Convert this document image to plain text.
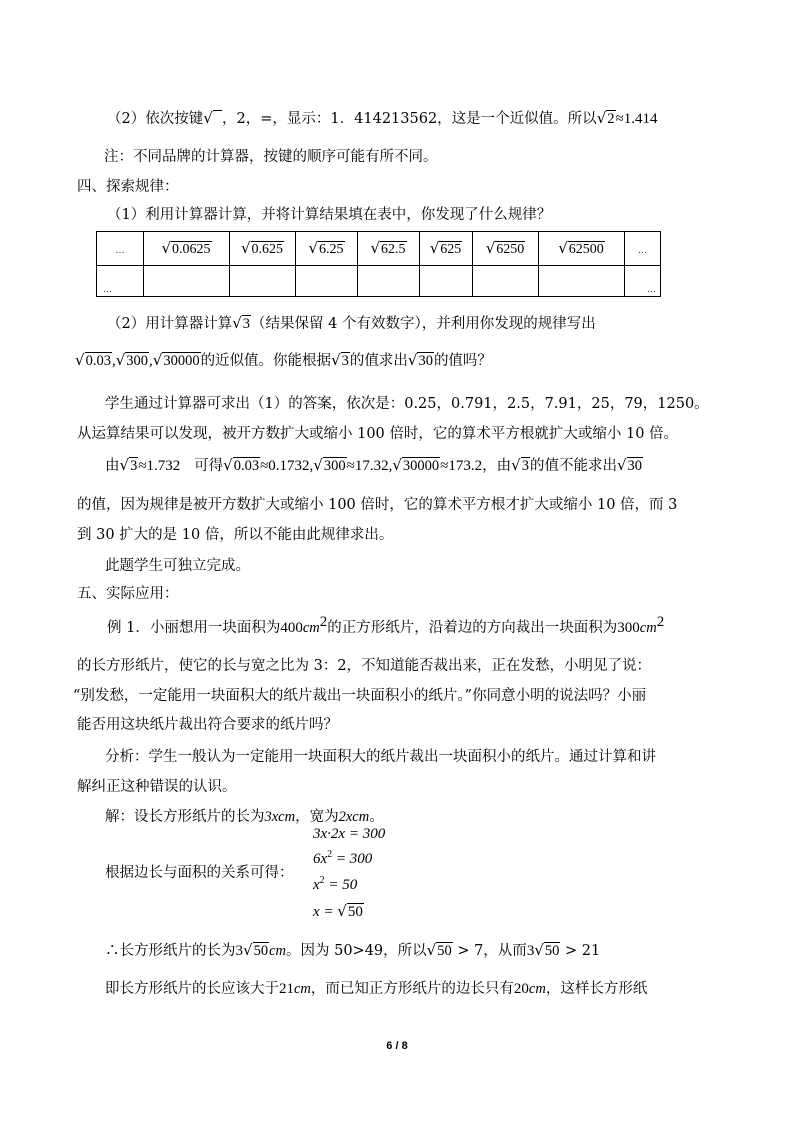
（2）依次按键√ ，2，=，显示：1．414213562，这是一个近似值。所以√2≈1.414
注：不同品牌的计算器，按键的顺序可能有所不同。
四、探索规律：
（1）利用计算器计算，并将计算结果填在表中，你发现了什么规律？
…	√0.0625	√0.625	√6.25	√62.5	√625	√6250	√62500	…
…								…
（2）用计算器计算√3（结果保留 4 个有效数字），并利用你发现的规律写出
√0.03,√300,√30000的近似值。你能根据√3的值求出√30的值吗？
学生通过计算器可求出（1）的答案，依次是：0.25，0.791，2.5，7.91，25，79，1250。
从运算结果可以发现，被开方数扩大或缩小 100 倍时，它的算术平方根就扩大或缩小 10 倍。
由√3≈1.732 可得√0.03≈0.1732,√300≈17.32,√30000≈173.2，由√3的值不能求出√30
的值，因为规律是被开方数扩大或缩小 100 倍时，它的算术平方根才扩大或缩小 10 倍，而 3
到 30 扩大的是 10 倍，所以不能由此规律求出。
此题学生可独立完成。
五、实际应用：
例 1．小丽想用一块面积为$400cm^2$的正方形纸片，沿着边的方向裁出一块面积为$300cm^2$
的长方形纸片，使它的长与宽之比为 3：2，不知道能否裁出来，正在发愁，小明见了说：
“别发愁，一定能用一块面积大的纸片裁出一块面积小的纸片。”你同意小明的说法吗？小丽
能否用这块纸片裁出符合要求的纸片吗？
分析：学生一般认为一定能用一块面积大的纸片裁出一块面积小的纸片。通过计算和讲
解纠正这种错误的认识。
解：设长方形纸片的长为3xcm，宽为2xcm。
根据边长与面积的关系可得：
3x·2x = 300
$6x^2 = 300$
$x^2 = 50$
x = √50
∴长方形纸片的长为3√50cm。因为 50>49，所以√50 > 7，从而3√50 > 21
即长方形纸片的长应该大于21cm，而已知正方形纸片的边长只有20cm，这样长方形纸
6 / 8
